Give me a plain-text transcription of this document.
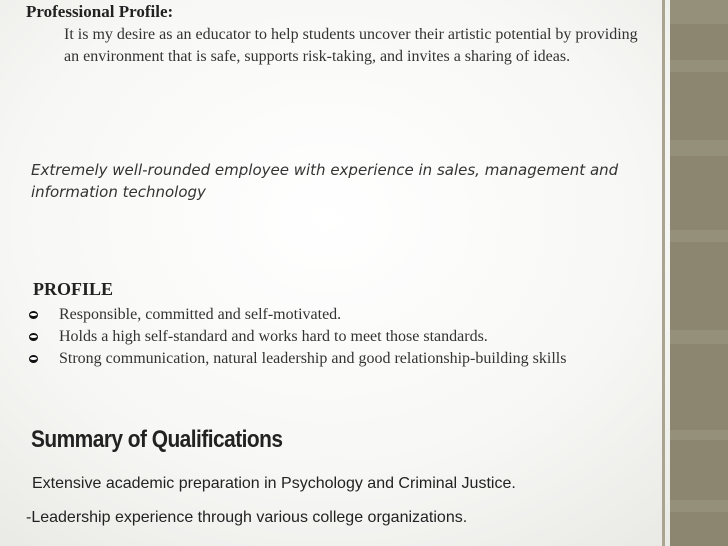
Professional Profile:

It is my desire as an educator to help students uncover their artistic potential by providing an environment that is safe, supports risk-taking, and invites a sharing of ideas.

Extremely well-rounded employee with experience in sales, management and information technology

PROFILE

Responsible, committed and self-motivated.
Holds a high self-standard and works hard to meet those standards.
Strong communication, natural leadership and good relationship-building skills

Summary of Qualifications

Extensive academic preparation in Psychology and Criminal Justice.

-Leadership experience through various college organizations.
